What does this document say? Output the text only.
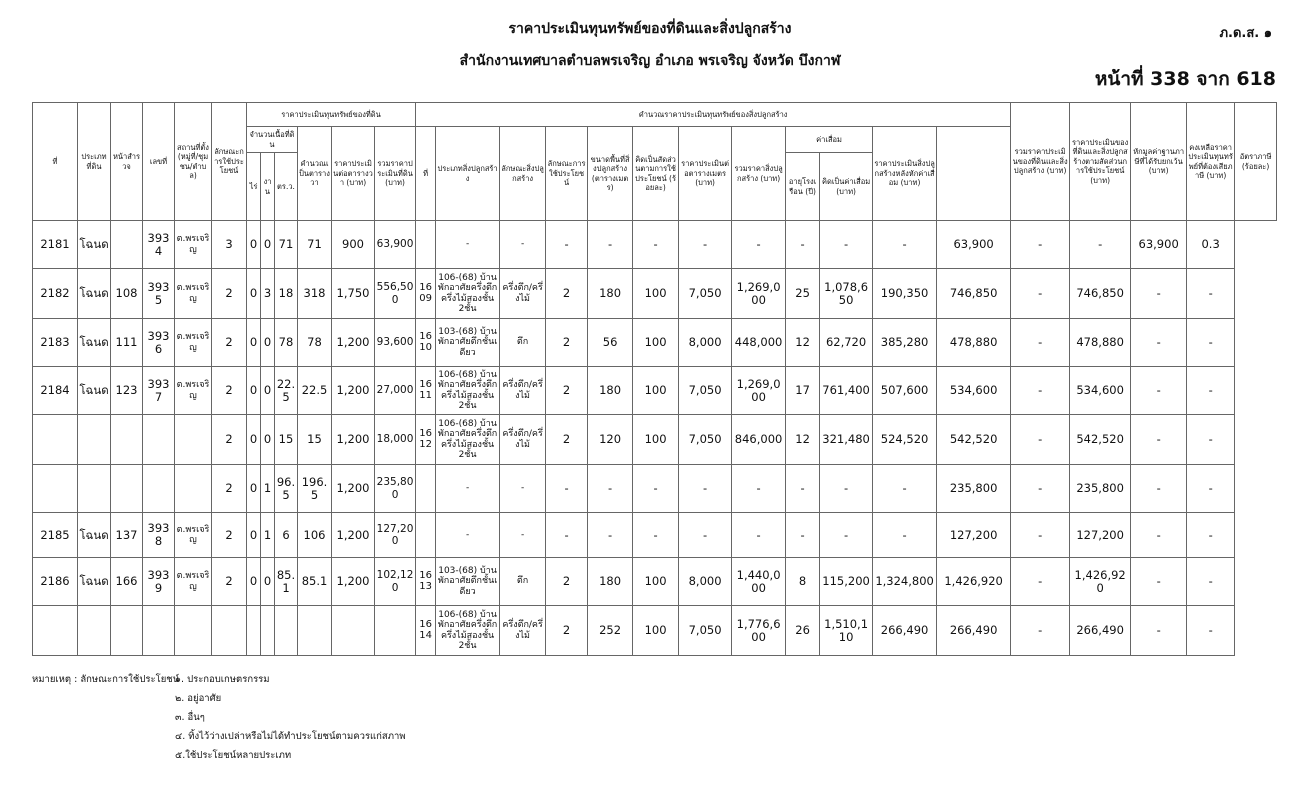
ราคาประเมินทุนทรัพย์ของที่ดินและสิ่งปลูกสร้าง
สำนักงานเทศบาลตำบลพรเจริญ อำเภอ พรเจริญ จังหวัด บึงกาฬ
ภ.ด.ส. ๑
หน้าที่ 338 จาก 618
ที่	ประเภทที่ดิน	หน้าสำรวจ	เลขที่	สถานที่ตั้ง(หมู่ที่/ชุมชน/ตำบล)	ลักษณะการใช้ประโยชน์	ราคาประเมินทุนทรัพย์ของที่ดิน						คำนวณราคาประเมินทุนทรัพย์ของสิ่งปลูกสร้าง												รวมราคาประเมินของที่ดินและสิ่งปลูกสร้าง (บาท)	ราคาประเมินของที่ดินและสิ่งปลูกสร้างตามสัดส่วนการใช้ประโยชน์ (บาท)	หักมูลค่าฐานภาษีที่ได้รับยกเว้น (บาท)	คงเหลือราคาประเมินทุนทรัพย์ที่ต้องเสียภาษี (บาท)	อัตราภาษี (ร้อยละ)
						จำนวนเนื้อที่ดิน			คำนวณเป็นตารางวา	ราคาประเมินต่อตารางวา (บาท)	รวมราคาประเมินที่ดิน (บาท)	ที่	ประเภทสิ่งปลูกสร้าง	ลักษณะสิ่งปลูกสร้าง	ลักษณะการใช้ประโยชน์	ขนาดพื้นที่สิ่งปลูกสร้าง (ตารางเมตร)	คิดเป็นสัดส่วนตามการใช้ประโยชน์ (ร้อยละ)	ราคาประเมินต่อตารางเมตร (บาท)	รวมราคาสิ่งปลูกสร้าง (บาท)	ค่าเสื่อม		ราคาประเมินสิ่งปลูกสร้างหลังหักค่าเสื่อม (บาท)						
						ไร่	งาน	ตร.ว.												อายุโรงเรือน (ปี)	คิดเป็นค่าเสื่อม (บาท)							
2181	โฉนด		3934	ต.พรเจริญ	3	0	0	71	71	900	63,900		-	-	-	-	-	-	-	-	-	-	63,900	-	-	63,900	0.3	
2182	โฉนด	108	3935	ต.พรเจริญ	2	0	3	18	318	1,750	556,500	1609	106-(68) บ้านพักอาศัยครึ่งตึกครึ่งไม้สองชั้น 2ชั้น	ครึ่งตึก/ครึ่งไม้	2	180	100	7,050	1,269,000	25	1,078,650	190,350	746,850	-	746,850	-	-	
2183	โฉนด	111	3936	ต.พรเจริญ	2	0	0	78	78	1,200	93,600	1610	103-(68) บ้านพักอาศัยตึกชั้นเดียว	ตึก	2	56	100	8,000	448,000	12	62,720	385,280	478,880	-	478,880	-	-	
2184	โฉนด	123	3937	ต.พรเจริญ	2	0	0	22.5	22.5	1,200	27,000	1611	106-(68) บ้านพักอาศัยครึ่งตึกครึ่งไม้สองชั้น 2ชั้น	ครึ่งตึก/ครึ่งไม้	2	180	100	7,050	1,269,000	17	761,400	507,600	534,600	-	534,600	-	-	
					2	0	0	15	15	1,200	18,000	1612	106-(68) บ้านพักอาศัยครึ่งตึกครึ่งไม้สองชั้น 2ชั้น	ครึ่งตึก/ครึ่งไม้	2	120	100	7,050	846,000	12	321,480	524,520	542,520	-	542,520	-	-	
					2	0	1	96.5	196.5	1,200	235,800		-	-	-	-	-	-	-	-	-	-	235,800	-	235,800	-	-	
2185	โฉนด	137	3938	ต.พรเจริญ	2	0	1	6	106	1,200	127,200		-	-	-	-	-	-	-	-	-	-	127,200	-	127,200	-	-	
2186	โฉนด	166	3939	ต.พรเจริญ	2	0	0	85.1	85.1	1,200	102,120	1613	103-(68) บ้านพักอาศัยตึกชั้นเดียว	ตึก	2	180	100	8,000	1,440,000	8	115,200	1,324,800	1,426,920	-	1,426,920	-	-	
												1614	106-(68) บ้านพักอาศัยครึ่งตึกครึ่งไม้สองชั้น 2ชั้น	ครึ่งตึก/ครึ่งไม้	2	252	100	7,050	1,776,600	26	1,510,110	266,490	266,490	-	266,490	-	-	
หมายเหตุ : ลักษณะการใช้ประโยชน์
๑. ประกอบเกษตรกรรม
๒. อยู่อาศัย
๓. อื่นๆ
๔. ทิ้งไว้ว่างเปล่าหรือไม่ได้ทำประโยชน์ตามควรแก่สภาพ
๕.ใช้ประโยชน์หลายประเภท
